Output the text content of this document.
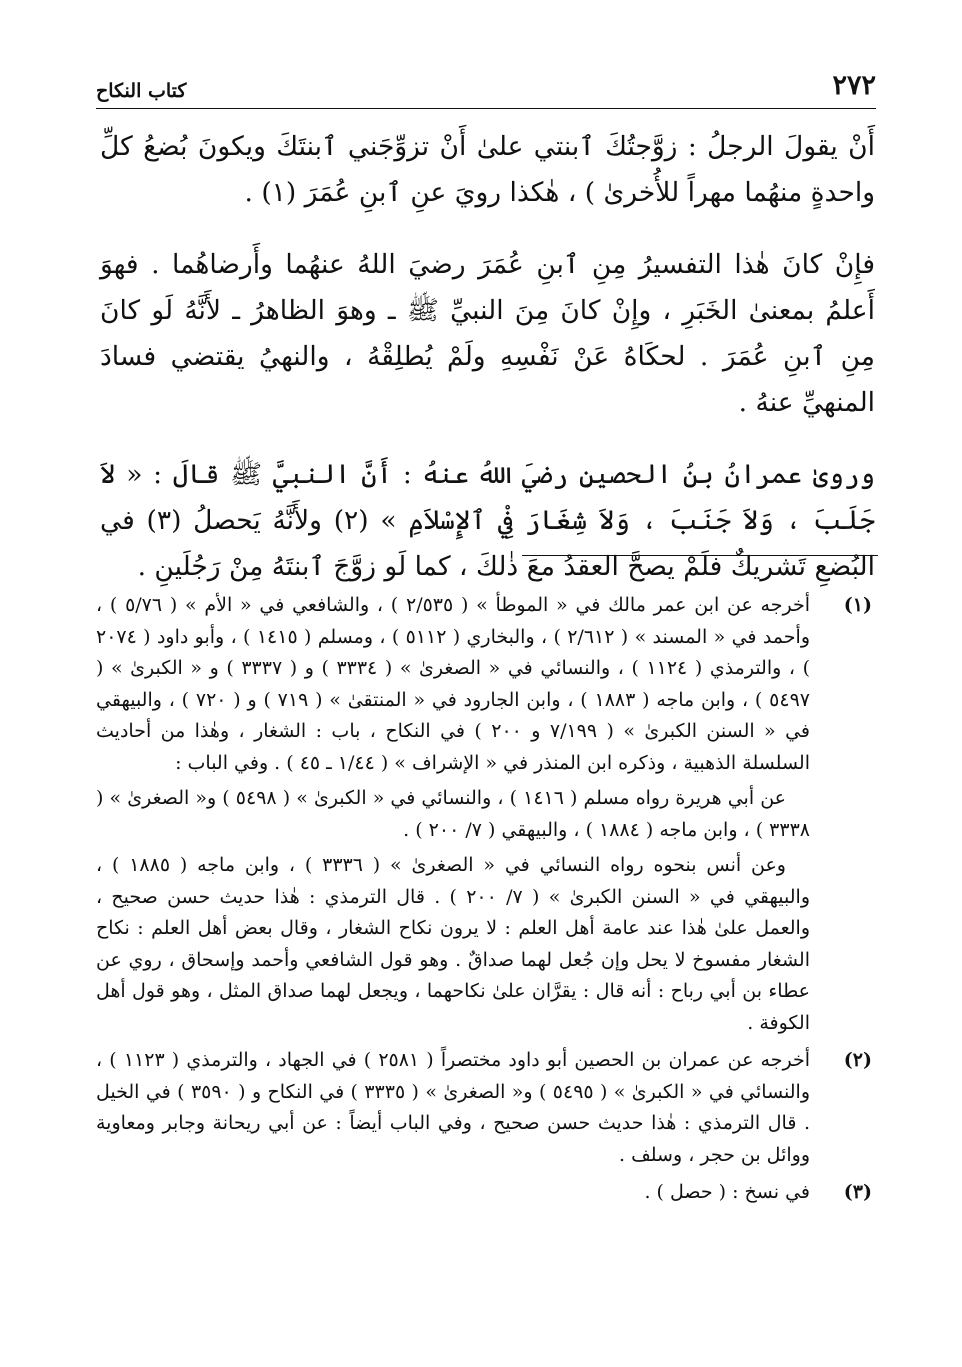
٢٧٢
كتاب النكاح

أَنْ يقولَ الرجلُ : زوَّجتُكَ ٱبنتي علىٰ أَنْ تزوِّجَني ٱبنتَكَ ويكونَ بُضعُ كلِّ واحدةٍ منهُما مهراً للأُخرىٰ ) ، هٰكذا رويَ عنِ ٱبنِ عُمَرَ (١) .

فإِنْ كانَ هٰذا التفسيرُ مِنِ ٱبنِ عُمَرَ رضيَ اللهُ عنهُما وأَرضاهُما . فهوَ أَعلمُ بمعنىٰ الخَبَرِ ، وإِنْ كانَ مِنَ النبيِّ ﷺ ـ وهوَ الظاهرُ ـ لأَنَّهُ لَو كانَ مِنِ ٱبنِ عُمَرَ . لحكَاهُ عَنْ نَفْسِهِ ولَمْ يُطلِقْهُ ، والنهيُ يقتضي فسادَ المنهيِّ عنهُ .

وروىٰ عمرانُ بنُ الحصينِ رضيَ اللهُ عنهُ : أَنَّ النبيَّ ﷺ قالَ : « لاَ جَلَبَ ، وَلاَ جَنَبَ ، وَلاَ شِغَارَ فِيْ ٱلإِسْلاَمِ » (٢) ولأَنَّهُ يَحصلُ (٣) في البُضعِ تَشريكٌ فلَمْ يصحَّ العقدُ معَ ذٰلكَ ، كما لَو زوَّجَ ٱبنتَهُ مِنْ رَجُلَينِ .

(١)

أخرجه عن ابن عمر مالك في « الموطأ » ( ٢/٥٣٥ ) ، والشافعي في « الأم » ( ٥/٧٦ ) ، وأحمد في « المسند » ( ٢/٦١٢ ) ، والبخاري ( ٥١١٢ ) ، ومسلم ( ١٤١٥ ) ، وأبو داود ( ٢٠٧٤ ) ، والترمذي ( ١١٢٤ ) ، والنسائي في « الصغرىٰ » ( ٣٣٣٤ ) و ( ٣٣٣٧ ) و « الكبرىٰ » ( ٥٤٩٧ ) ، وابن ماجه ( ١٨٨٣ ) ، وابن الجارود في « المنتقىٰ » ( ٧١٩ ) و ( ٧٢٠ ) ، والبيهقي في « السنن الكبرىٰ » ( ٧/١٩٩ و ٢٠٠ ) في النكاح ، باب : الشغار ، وهٰذا من أحاديث السلسلة الذهبية ، وذكره ابن المنذر في « الإشراف » ( ١/٤٤ ـ ٤٥ ) . وفي الباب :

عن أبي هريرة رواه مسلم ( ١٤١٦ ) ، والنسائي في « الكبرىٰ » ( ٥٤٩٨ ) و« الصغرىٰ » ( ٣٣٣٨ ) ، وابن ماجه ( ١٨٨٤ ) ، والبيهقي ( ٧/ ٢٠٠ ) .

وعن أنس بنحوه رواه النسائي في « الصغرىٰ » ( ٣٣٣٦ ) ، وابن ماجه ( ١٨٨٥ ) ، والبيهقي في « السنن الكبرىٰ » ( ٧/ ٢٠٠ ) . قال الترمذي : هٰذا حديث حسن صحيح ، والعمل علىٰ هٰذا عند عامة أهل العلم : لا يرون نكاح الشغار ، وقال بعض أهل العلم : نكاح الشغار مفسوخ لا يحل وإن جُعل لهما صداقٌ . وهو قول الشافعي وأحمد وإسحاق ، روي عن عطاء بن أبي رباح : أنه قال : يقرَّان علىٰ نكاحهما ، ويجعل لهما صداق المثل ، وهو قول أهل الكوفة .

(٢)

أخرجه عن عمران بن الحصين أبو داود مختصراً ( ٢٥٨١ ) في الجهاد ، والترمذي ( ١١٢٣ ) ، والنسائي في « الكبرىٰ » ( ٥٤٩٥ ) و« الصغرىٰ » ( ٣٣٣٥ ) في النكاح و ( ٣٥٩٠ ) في الخيل . قال الترمذي : هٰذا حديث حسن صحيح ، وفي الباب أيضاً : عن أبي ريحانة وجابر ومعاوية ووائل بن حجر ، وسلف .

(٣)

في نسخ : ( حصل ) .
